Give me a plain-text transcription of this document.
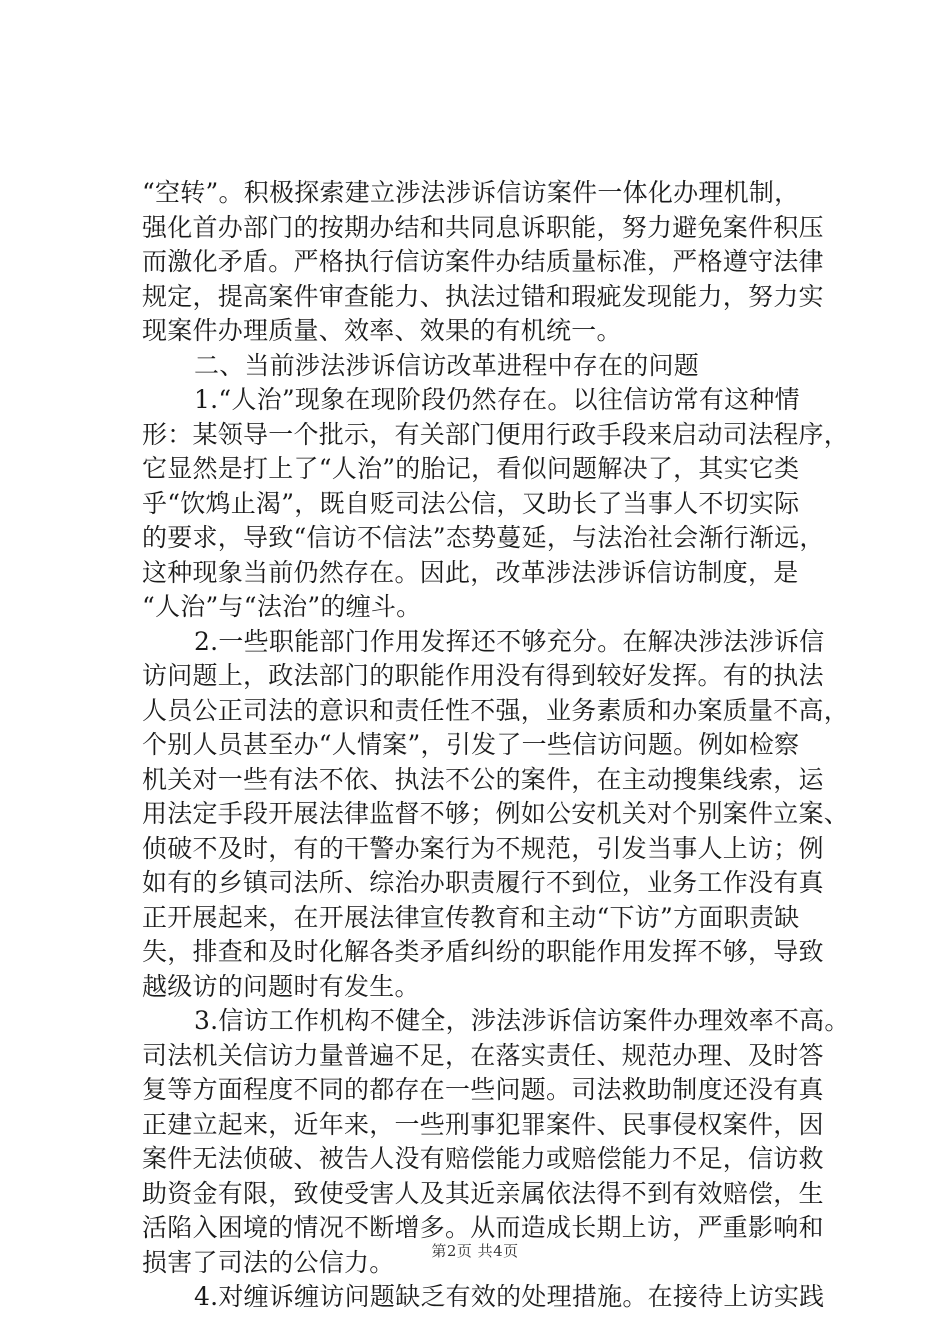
“空转”。积极探索建立涉法涉诉信访案件一体化办理机制，
强化首办部门的按期办结和共同息诉职能，努力避免案件积压
而激化矛盾。严格执行信访案件办结质量标准，严格遵守法律
规定，提高案件审查能力、执法过错和瑕疵发现能力，努力实
现案件办理质量、效率、效果的有机统一。
二、当前涉法涉诉信访改革进程中存在的问题
1.“人治”现象在现阶段仍然存在。以往信访常有这种情
形：某领导一个批示，有关部门便用行政手段来启动司法程序，
它显然是打上了“人治”的胎记，看似问题解决了，其实它类
乎“饮鸩止渴”，既自贬司法公信，又助长了当事人不切实际
的要求，导致“信访不信法”态势蔓延，与法治社会渐行渐远，
这种现象当前仍然存在。因此，改革涉法涉诉信访制度，是
“人治”与“法治”的缠斗。
2.一些职能部门作用发挥还不够充分。在解决涉法涉诉信
访问题上，政法部门的职能作用没有得到较好发挥。有的执法
人员公正司法的意识和责任性不强，业务素质和办案质量不高，
个别人员甚至办“人情案”，引发了一些信访问题。例如检察
机关对一些有法不依、执法不公的案件，在主动搜集线索，运
用法定手段开展法律监督不够；例如公安机关对个别案件立案、
侦破不及时，有的干警办案行为不规范，引发当事人上访；例
如有的乡镇司法所、综治办职责履行不到位，业务工作没有真
正开展起来，在开展法律宣传教育和主动“下访”方面职责缺
失，排查和及时化解各类矛盾纠纷的职能作用发挥不够，导致
越级访的问题时有发生。
3.信访工作机构不健全，涉法涉诉信访案件办理效率不高。
司法机关信访力量普遍不足，在落实责任、规范办理、及时答
复等方面程度不同的都存在一些问题。司法救助制度还没有真
正建立起来，近年来，一些刑事犯罪案件、民事侵权案件，因
案件无法侦破、被告人没有赔偿能力或赔偿能力不足，信访救
助资金有限，致使受害人及其近亲属依法得不到有效赔偿，生
活陷入困境的情况不断增多。从而造成长期上访，严重影响和
损害了司法的公信力。
4.对缠诉缠访问题缺乏有效的处理措施。在接待上访实践
第2页 共4页
